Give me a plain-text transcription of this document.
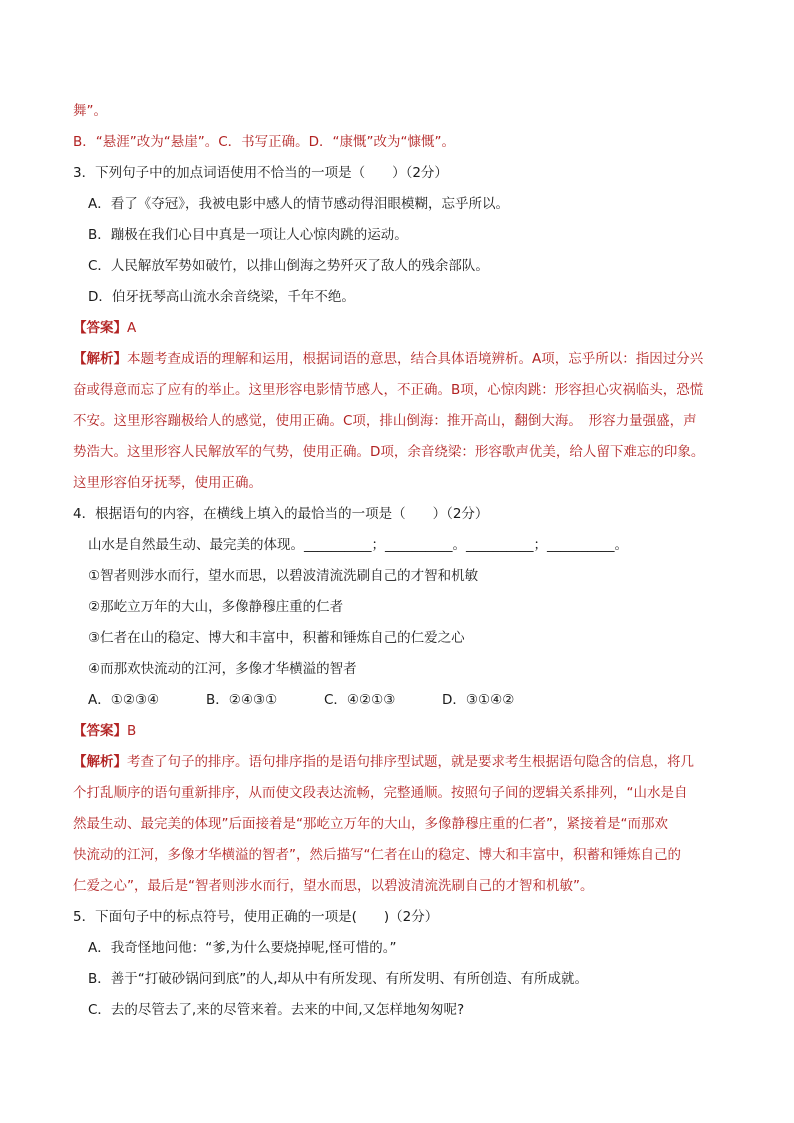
舞”。
B．“悬涯”改为“悬崖”。C．书写正确。D．“康慨”改为“慷慨”。
3．下列句子中的加点词语使用不恰当的一项是（　　）（2分）
A．看了《夺冠》，我被电影中感人的情节感动得泪眼模糊，忘乎所以。
B．蹦极在我们心目中真是一项让人心惊肉跳的运动。
C．人民解放军势如破竹，以排山倒海之势歼灭了敌人的残余部队。
D．伯牙抚琴高山流水余音绕梁，千年不绝。
【答案】A
【解析】本题考查成语的理解和运用，根据词语的意思，结合具体语境辨析。A项，忘乎所以：指因过分兴
奋或得意而忘了应有的举止。这里形容电影情节感人，不正确。B项，心惊肉跳：形容担心灾祸临头，恐慌
不安。这里形容蹦极给人的感觉，使用正确。C项，排山倒海：推开高山，翻倒大海。　形容力量强盛，声
势浩大。这里形容人民解放军的气势，使用正确。D项，余音绕梁：形容歌声优美，给人留下难忘的印象。
这里形容伯牙抚琴，使用正确。
4．根据语句的内容，在横线上填入的最恰当的一项是（　　）（2分）
山水是自然最生动、最完美的体现。__________；__________。__________；__________。
①智者则涉水而行，望水而思，以碧波清流洗刷自己的才智和机敏
②那屹立万年的大山，多像静穆庄重的仁者
③仁者在山的稳定、博大和丰富中，积蓄和锤炼自己的仁爱之心
④而那欢快流动的江河，多像才华横溢的智者
A．①②③④	B．②④③①	C．④②①③	D．③①④②
【答案】B
【解析】考查了句子的排序。语句排序指的是语句排序型试题，就是要求考生根据语句隐含的信息，将几
个打乱顺序的语句重新排序，从而使文段表达流畅，完整通顺。按照句子间的逻辑关系排列，“山水是自
然最生动、最完美的体现”后面接着是“那屹立万年的大山，多像静穆庄重的仁者”，紧接着是“而那欢
快流动的江河，多像才华横溢的智者”，然后描写“仁者在山的稳定、博大和丰富中，积蓄和锤炼自己的
仁爱之心”，最后是“智者则涉水而行，望水而思，以碧波清流洗刷自己的才智和机敏”。
5．下面句子中的标点符号，使用正确的一项是(　　)（2分）
A．我奇怪地问他：“爹,为什么要烧掉呢,怪可惜的。”
B．善于“打破砂锅问到底”的人,却从中有所发现、有所发明、有所创造、有所成就。
C．去的尽管去了,来的尽管来着。去来的中间,又怎样地匆匆呢?
